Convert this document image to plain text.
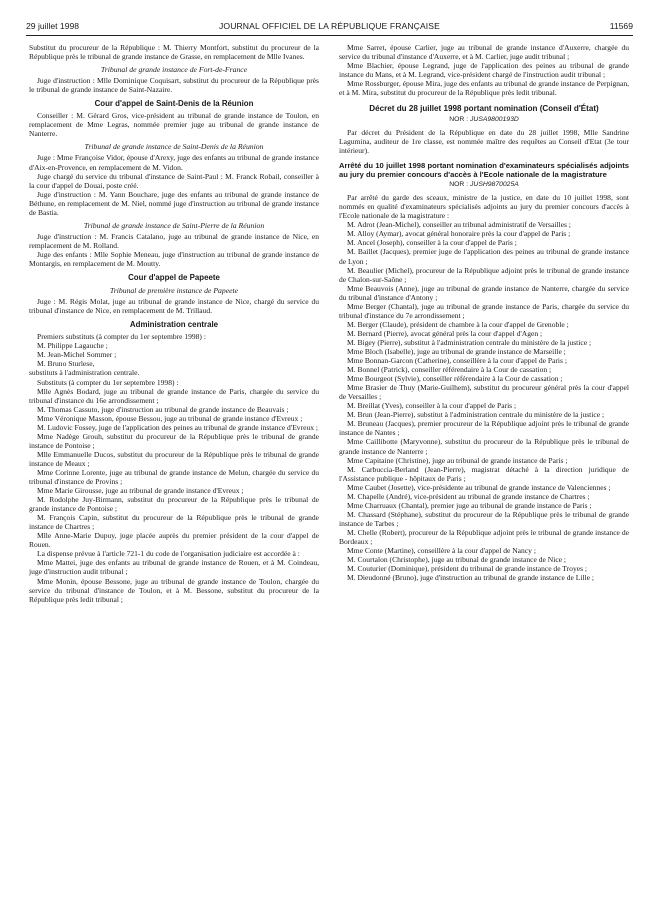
29 juillet 1998	JOURNAL OFFICIEL DE LA RÉPUBLIQUE FRANÇAISE	11569
Substitut du procureur de la République : M. Thierry Montfort, substitut du procureur de la République près le tribunal de grande instance de Grasse, en remplacement de Mlle Ivanes.
Tribunal de grande instance de Fort-de-France
Juge d'instruction : Mlle Dominique Coquisart, substitut du procureur de la République près le tribunal de grande instance de Saint-Nazaire.
Cour d'appel de Saint-Denis de la Réunion
Conseiller : M. Gérard Gros, vice-président au tribunal de grande instance de Toulon, en remplacement de Mme Legras, nommée premier juge au tribunal de grande instance de Nanterre.
Tribunal de grande instance de Saint-Denis de la Réunion
Juge : Mme Françoise Vidor, épouse d'Arexy, juge des enfants au tribunal de grande instance d'Aix-en-Provence, en remplacement de M. Vidon.
Juge chargé du service du tribunal d'instance de Saint-Paul : M. Franck Robail, conseiller à la cour d'appel de Douai, poste créé.
Juge d'instruction : M. Yann Bouchare, juge des enfants au tribunal de grande instance de Béthune, en remplacement de M. Niel, nommé juge d'instruction au tribunal de grande instance de Bastia.
Tribunal de grande instance de Saint-Pierre de la Réunion
Juge d'instruction : M. Francis Catalano, juge au tribunal de grande instance de Nice, en remplacement de M. Rolland.
Juge des enfants : Mlle Sophie Meneau, juge d'instruction au tribunal de grande instance de Montargis, en remplacement de M. Moutty.
Cour d'appel de Papeete
Tribunal de première instance de Papeete
Juge : M. Régis Molat, juge au tribunal de grande instance de Nice, chargé du service du tribunal d'instance de Nice, en remplacement de M. Trillaud.
Administration centrale
Premiers substituts (à compter du 1er septembre 1998) :
M. Philippe Lagauche ;
M. Jean-Michel Sommer ;
M. Bruno Sturlese,
substituts à l'administration centrale.
Substituts (à compter du 1er septembre 1998) :
Mlle Agnès Bodard, juge au tribunal de grande instance de Paris, chargée du service du tribunal d'instance du 16e arrondissement ;
M. Thomas Cassuto, juge d'instruction au tribunal de grande instance de Beauvais ;
Mme Véronique Masson, épouse Bessou, juge au tribunal de grande instance d'Evreux ;
M. Ludovic Fossey, juge de l'application des peines au tribunal de grande instance d'Evreux ;
Mme Nadège Grouh, substitut du procureur de la République près le tribunal de grande instance de Pontoise ;
Mlle Emmanuelle Ducos, substitut du procureur de la République près le tribunal de grande instance de Meaux ;
Mme Corinne Lorente, juge au tribunal de grande instance de Melun, chargée du service du tribunal d'instance de Provins ;
Mme Marie Girousse, juge au tribunal de grande instance d'Evreux ;
M. Rodolphe Juy-Birmann, substitut du procureur de la République près le tribunal de grande instance de Pontoise ;
M. François Capin, substitut du procureur de la République près le tribunal de grande instance de Chartres ;
Mlle Anne-Marie Dupuy, juge placée auprès du premier président de la cour d'appel de Rouen.
La dispense prévue à l'article 721-1 du code de l'organisation judiciaire est accordée à :
Mme Mattei, juge des enfants au tribunal de grande instance de Rouen, et à M. Coindeau, juge d'instruction audit tribunal ;
Mme Monin, épouse Bessone, juge au tribunal de grande instance de Toulon, chargée du service du tribunal d'instance de Toulon, et à M. Bessone, substitut du procureur de la République près ledit tribunal ;
Mme Sarret, épouse Carlier, juge au tribunal de grande instance d'Auxerre, chargée du service du tribunal d'instance d'Auxerre, et à M. Carlier, juge audit tribunal ;
Mme Blachier, épouse Legrand, juge de l'application des peines au tribunal de grande instance du Mans, et à M. Legrand, vice-président chargé de l'instruction audit tribunal ;
Mme Rossburger, épouse Mira, juge des enfants au tribunal de grande instance de Perpignan, et à M. Mira, substitut du procureur de la République près ledit tribunal.
Décret du 28 juillet 1998 portant nomination (Conseil d'État)
NOR : JUSA9800193D
Par décret du Président de la République en date du 28 juillet 1998, Mlle Sandrine Lagumina, auditeur de 1re classe, est nommée maître des requêtes au Conseil d'Etat (3e tour intérieur).
Arrêté du 10 juillet 1998 portant nomination d'examinateurs spécialisés adjoints au jury du premier concours d'accès à l'Ecole nationale de la magistrature
NOR : JUSH9870025A
Par arrêté du garde des sceaux, ministre de la justice, en date du 10 juillet 1998, sont nommés en qualité d'examinateurs spécialisés adjoints au jury du premier concours d'accès à l'Ecole nationale de la magistrature :
M. Adrot (Jean-Michel), conseiller au tribunal administratif de Versailles ;
M. Alloy (Aymar), avocat général honoraire près la cour d'appel de Paris ;
M. Ancel (Joseph), conseiller à la cour d'appel de Paris ;
M. Baillet (Jacques), premier juge de l'application des peines au tribunal de grande instance de Lyon ;
M. Beaulier (Michel), procureur de la République adjoint près le tribunal de grande instance de Chalon-sur-Saône ;
Mme Beauvois (Anne), juge au tribunal de grande instance de Nanterre, chargée du service du tribunal d'instance d'Antony ;
Mme Berger (Chantal), juge au tribunal de grande instance de Paris, chargée du service du tribunal d'instance du 7e arrondissement ;
M. Berger (Claude), président de chambre à la cour d'appel de Grenoble ;
M. Bernard (Pierre), avocat général près la cour d'appel d'Agen ;
M. Bigey (Pierre), substitut à l'administration centrale du ministère de la justice ;
Mme Bloch (Isabelle), juge au tribunal de grande instance de Marseille ;
Mme Bonnan-Garcon (Catherine), conseillère à la cour d'appel de Paris ;
M. Bonnel (Patrick), conseiller référendaire à la Cour de cassation ;
Mme Bourgeot (Sylvie), conseiller référendaire à la Cour de cassation ;
Mme Brasier de Thuy (Marie-Guilhem), substitut du procureur général près la cour d'appel de Versailles ;
M. Breillat (Yves), conseiller à la cour d'appel de Paris ;
M. Brun (Jean-Pierre), substitut à l'administration centrale du ministère de la justice ;
M. Bruneau (Jacques), premier procureur de la République adjoint près le tribunal de grande instance de Nantes ;
Mme Caillibotte (Maryvonne), substitut du procureur de la République près le tribunal de grande instance de Nanterre ;
Mme Capitaine (Christine), juge au tribunal de grande instance de Paris ;
M. Carbuccia-Berland (Jean-Pierre), magistrat détaché à la direction juridique de l'Assistance publique - hôpitaux de Paris ;
Mme Caubet (Josette), vice-présidente au tribunal de grande instance de Valenciennes ;
M. Chapelle (André), vice-président au tribunal de grande instance de Chartres ;
Mme Charruaux (Chantal), premier juge au tribunal de grande instance de Paris ;
M. Chassard (Stéphane), substitut du procureur de la République près le tribunal de grande instance de Tarbes ;
M. Chelle (Robert), procureur de la République adjoint près le tribunal de grande instance de Bordeaux ;
Mme Conte (Martine), conseillère à la cour d'appel de Nancy ;
M. Courtalon (Christophe), juge au tribunal de grande instance de Nice ;
M. Couturier (Dominique), président du tribunal de grande instance de Troyes ;
M. Dieudonné (Bruno), juge d'instruction au tribunal de grande instance de Lille ;
